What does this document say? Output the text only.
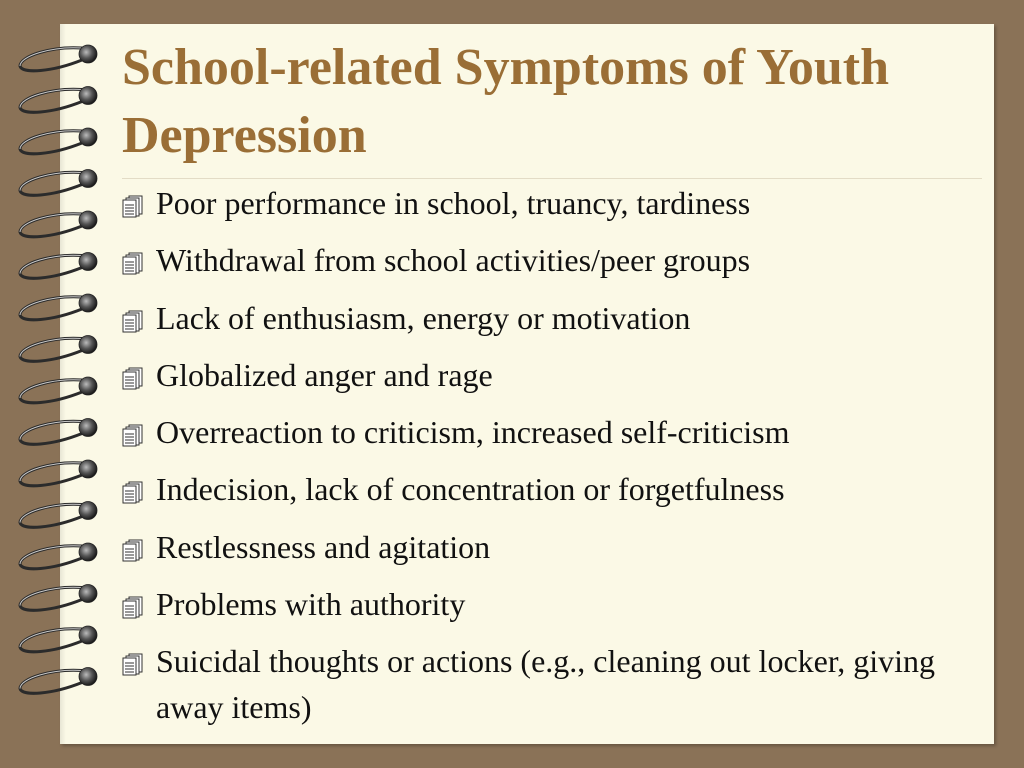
School-related Symptoms of Youth Depression
Poor performance in school, truancy, tardiness
Withdrawal from school activities/peer groups
Lack of enthusiasm, energy or motivation
Globalized anger and rage
Overreaction to criticism, increased self-criticism
Indecision, lack of concentration or forgetfulness
Restlessness and agitation
Problems with authority
Suicidal thoughts or actions (e.g., cleaning out locker, giving away items)
